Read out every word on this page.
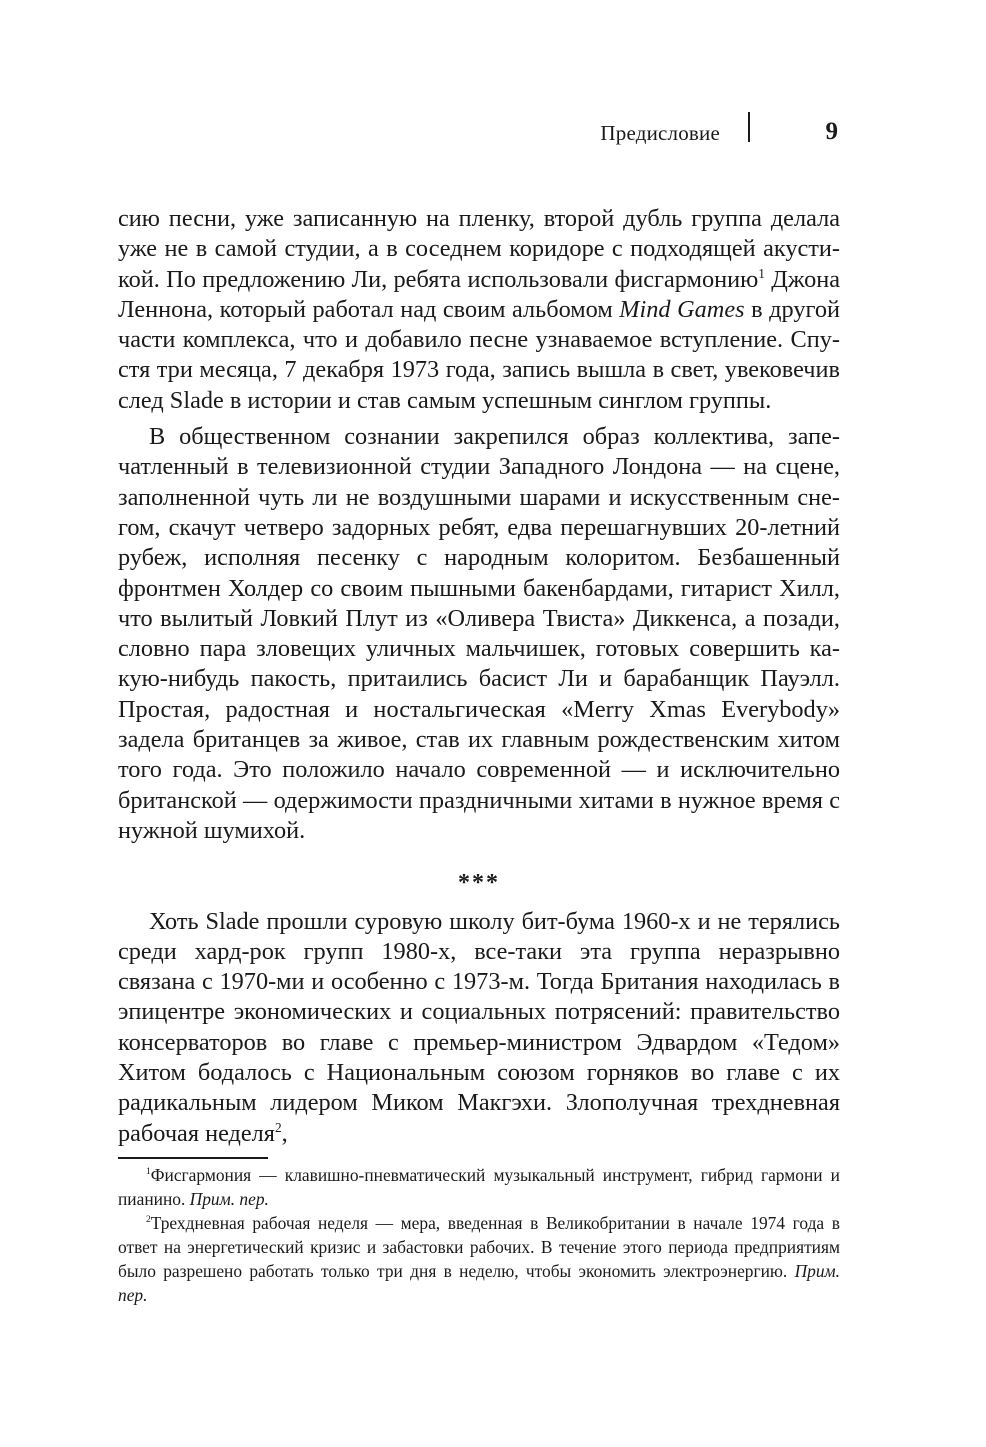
Предисловие	9

сию песни, уже записанную на пленку, второй дубль группа делала уже не в самой студии, а в соседнем коридоре с подходящей акустикой. По предложению Ли, ребята использовали фисгармонию$^1$ Джона Леннона, который работал над своим альбомом Mind Games в другой части комплекса, что и добавило песне узнаваемое вступление. Спустя три месяца, 7 декабря 1973 года, запись вышла в свет, увековечив след Slade в истории и став самым успешным синглом группы.

В общественном сознании закрепился образ коллектива, запечатленный в телевизионной студии Западного Лондона — на сцене, заполненной чуть ли не воздушными шарами и искусственным снегом, скачут четверо задорных ребят, едва перешагнувших 20-летний рубеж, исполняя песенку с народным колоритом. Безбашенный фронтмен Холдер со своим пышными бакенбардами, гитарист Хилл, что вылитый Ловкий Плут из «Оливера Твиста» Диккенса, а позади, словно пара зловещих уличных мальчишек, готовых совершить какую-нибудь пакость, притаились басист Ли и барабанщик Пауэлл. Простая, радостная и ностальгическая «Merry Xmas Everybody» задела британцев за живое, став их главным рождественским хитом того года. Это положило начало современной — и исключительно британской — одержимости праздничными хитами в нужное время с нужной шумихой.

***

Хоть Slade прошли суровую школу бит-бума 1960-х и не терялись среди хард-рок групп 1980-х, все-таки эта группа неразрывно связана с 1970-ми и особенно с 1973-м. Тогда Британия находилась в эпицентре экономических и социальных потрясений: правительство консерваторов во главе с премьер-министром Эдвардом «Тедом» Хитом бодалось с Национальным союзом горняков во главе с их радикальным лидером Миком Макгэхи. Злополучная трехдневная рабочая неделя$^2$,

$^1$Фисгармония — клавишно-пневматический музыкальный инструмент, гибрид гармони и пианино. Прим. пер.

$^2$Трехдневная рабочая неделя — мера, введенная в Великобритании в начале 1974 года в ответ на энергетический кризис и забастовки рабочих. В течение этого периода предприятиям было разрешено работать только три дня в неделю, чтобы экономить электроэнергию. Прим. пер.
